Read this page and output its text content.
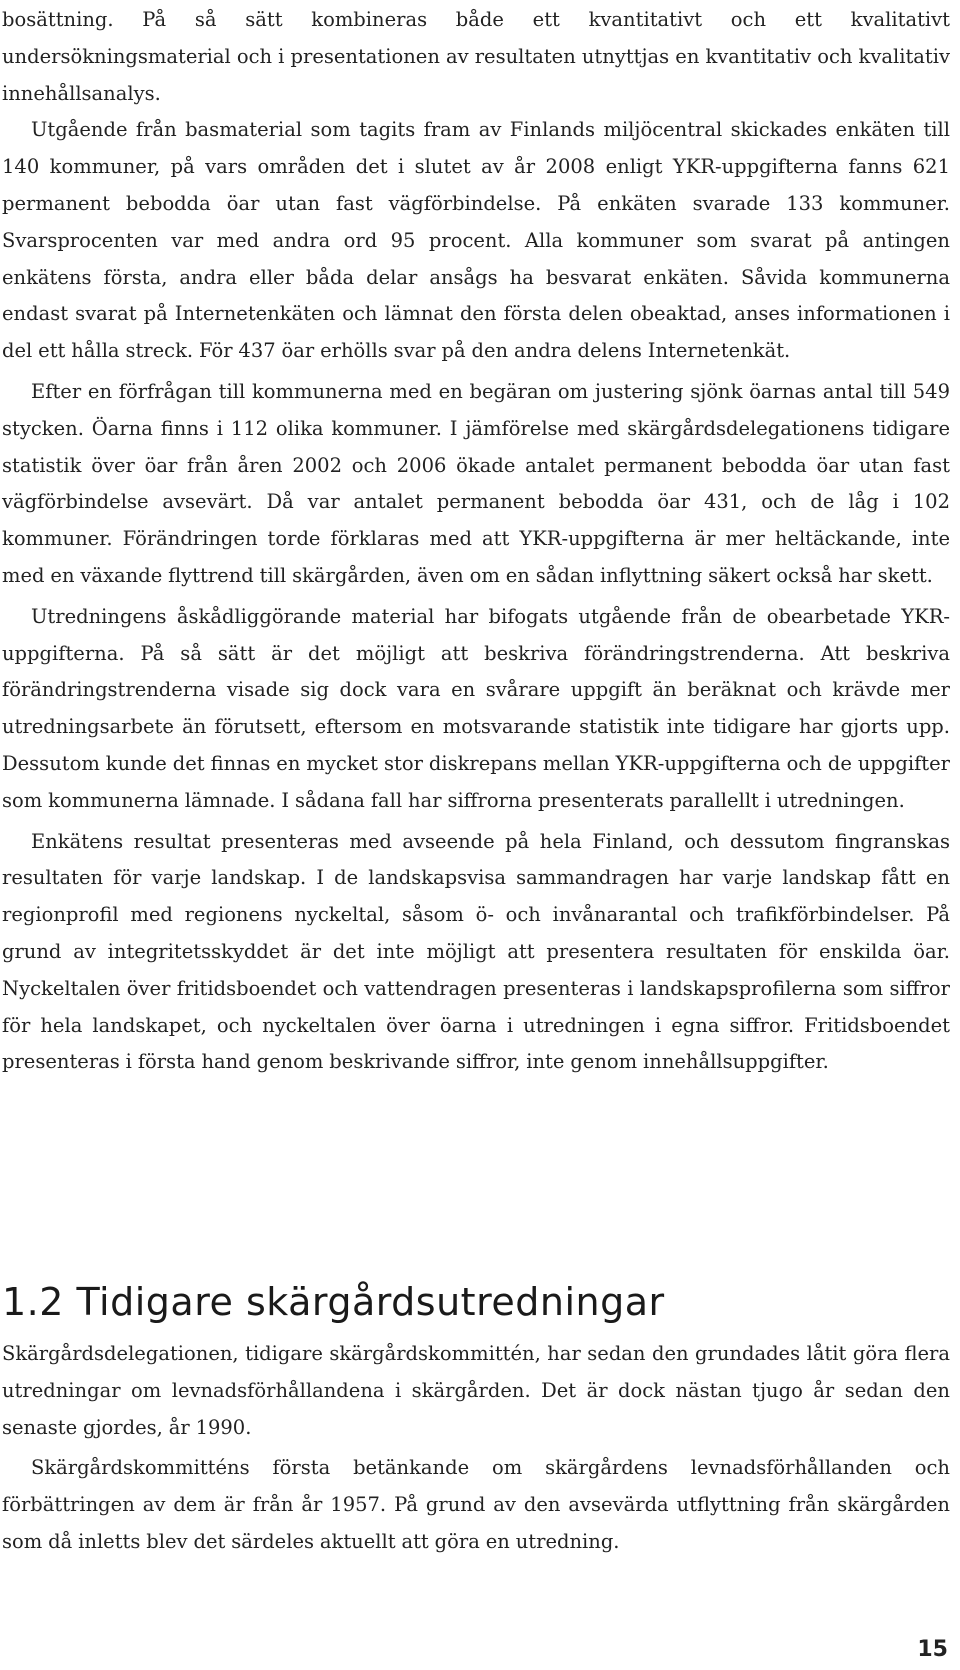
bosättning. På så sätt kombineras både ett kvantitativt och ett kvalitativt undersökningsmaterial och i presentationen av resultaten utnyttjas en kvantitativ och kvalitativ innehållsanalys.

Utgående från basmaterial som tagits fram av Finlands miljöcentral skickades enkäten till 140 kommuner, på vars områden det i slutet av år 2008 enligt YKR-uppgifterna fanns 621 permanent bebodda öar utan fast vägförbindelse. På enkäten svarade 133 kommuner. Svarsprocenten var med andra ord 95 procent. Alla kommuner som svarat på antingen enkätens första, andra eller båda delar ansågs ha besvarat enkäten. Såvida kommunerna endast svarat på Internetenkäten och lämnat den första delen obeaktad, anses informationen i del ett hålla streck. För 437 öar erhölls svar på den andra delens Internetenkät.

Efter en förfrågan till kommunerna med en begäran om justering sjönk öarnas antal till 549 stycken. Öarna finns i 112 olika kommuner. I jämförelse med skärgårdsdelegationens tidigare statistik över öar från åren 2002 och 2006 ökade antalet permanent bebodda öar utan fast vägförbindelse avsevärt. Då var antalet permanent bebodda öar 431, och de låg i 102 kommuner. Förändringen torde förklaras med att YKR-uppgifterna är mer heltäckande, inte med en växande flyttrend till skärgården, även om en sådan inflyttning säkert också har skett.

Utredningens åskådliggörande material har bifogats utgående från de obearbetade YKR-uppgifterna. På så sätt är det möjligt att beskriva förändringstrenderna. Att beskriva förändringstrenderna visade sig dock vara en svårare uppgift än beräknat och krävde mer utredningsarbete än förutsett, eftersom en motsvarande statistik inte tidigare har gjorts upp. Dessutom kunde det finnas en mycket stor diskrepans mellan YKR-uppgifterna och de uppgifter som kommunerna lämnade. I sådana fall har siffrorna presenterats parallellt i utredningen.

Enkätens resultat presenteras med avseende på hela Finland, och dessutom fingranskas resultaten för varje landskap. I de landskapsvisa sammandragen har varje landskap fått en regionprofil med regionens nyckeltal, såsom ö- och invånarantal och trafikförbindelser. På grund av integritetsskyddet är det inte möjligt att presentera resultaten för enskilda öar. Nyckeltalen över fritidsboendet och vattendragen presenteras i landskapsprofilerna som siffror för hela landskapet, och nyckeltalen över öarna i utredningen i egna siffror. Fritidsboendet presenteras i första hand genom beskrivande siffror, inte genom innehållsuppgifter.

1.2 Tidigare skärgårdsutredningar

Skärgårdsdelegationen, tidigare skärgårdskommittén, har sedan den grundades låtit göra flera utredningar om levnadsförhållandena i skärgården. Det är dock nästan tjugo år sedan den senaste gjordes, år 1990.

Skärgårdskommitténs första betänkande om skärgårdens levnadsförhållanden och förbättringen av dem är från år 1957. På grund av den avsevärda utflyttning från skärgården som då inletts blev det särdeles aktuellt att göra en utredning.

15
